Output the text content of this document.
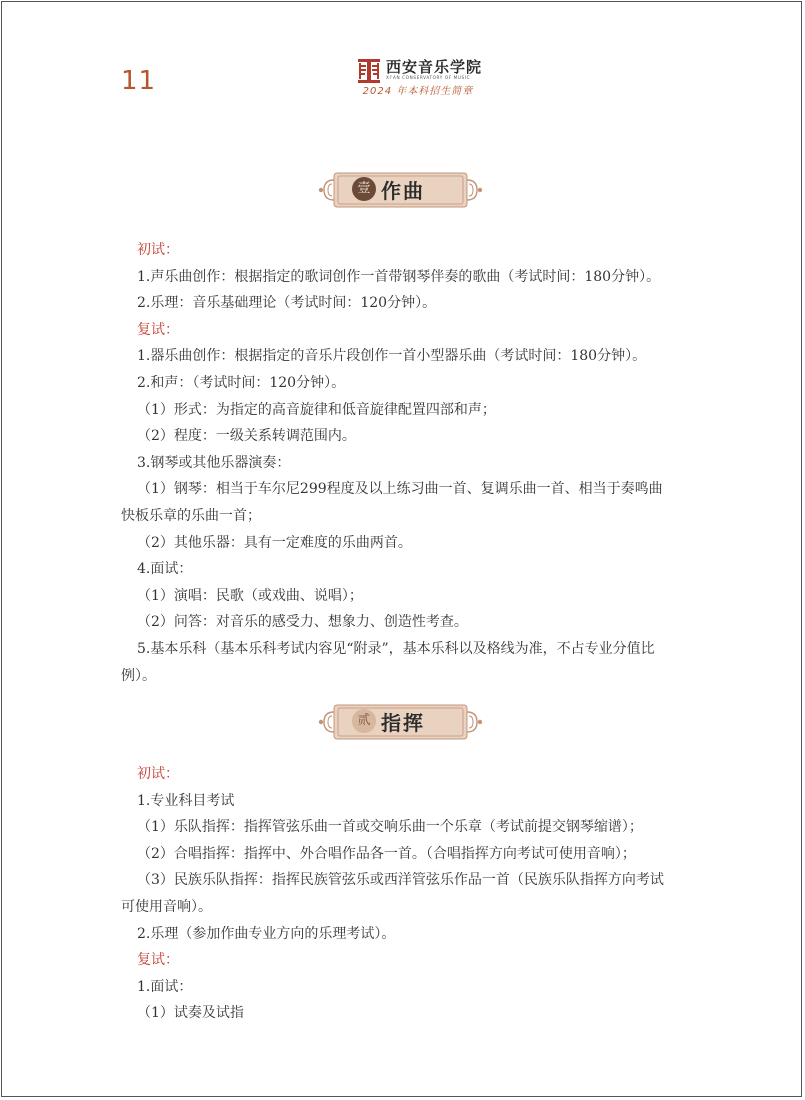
11	西安音乐学院
XI'AN CONSERVATORY OF MUSIC
2024 年本科招生简章
壹 作曲
初试：
1.声乐曲创作：根据指定的歌词创作一首带钢琴伴奏的歌曲（考试时间：180分钟）。
2.乐理：音乐基础理论（考试时间：120分钟）。
复试：
1.器乐曲创作：根据指定的音乐片段创作一首小型器乐曲（考试时间：180分钟）。
2.和声：（考试时间：120分钟）。
（1）形式：为指定的高音旋律和低音旋律配置四部和声；
（2）程度：一级关系转调范围内。
3.钢琴或其他乐器演奏：
（1）钢琴：相当于车尔尼299程度及以上练习曲一首、复调乐曲一首、相当于奏鸣曲
快板乐章的乐曲一首；
（2）其他乐器：具有一定难度的乐曲两首。
4.面试：
（1）演唱：民歌（或戏曲、说唱）；
（2）问答：对音乐的感受力、想象力、创造性考查。
5.基本乐科（基本乐科考试内容见“附录”，基本乐科以及格线为准，不占专业分值比
例）。
贰 指挥
初试：
1.专业科目考试
（1）乐队指挥：指挥管弦乐曲一首或交响乐曲一个乐章（考试前提交钢琴缩谱）；
（2）合唱指挥：指挥中、外合唱作品各一首。（合唱指挥方向考试可使用音响）；
（3）民族乐队指挥：指挥民族管弦乐或西洋管弦乐作品一首（民族乐队指挥方向考试
可使用音响）。
2.乐理（参加作曲专业方向的乐理考试）。
复试：
1.面试：
（1）试奏及试指
